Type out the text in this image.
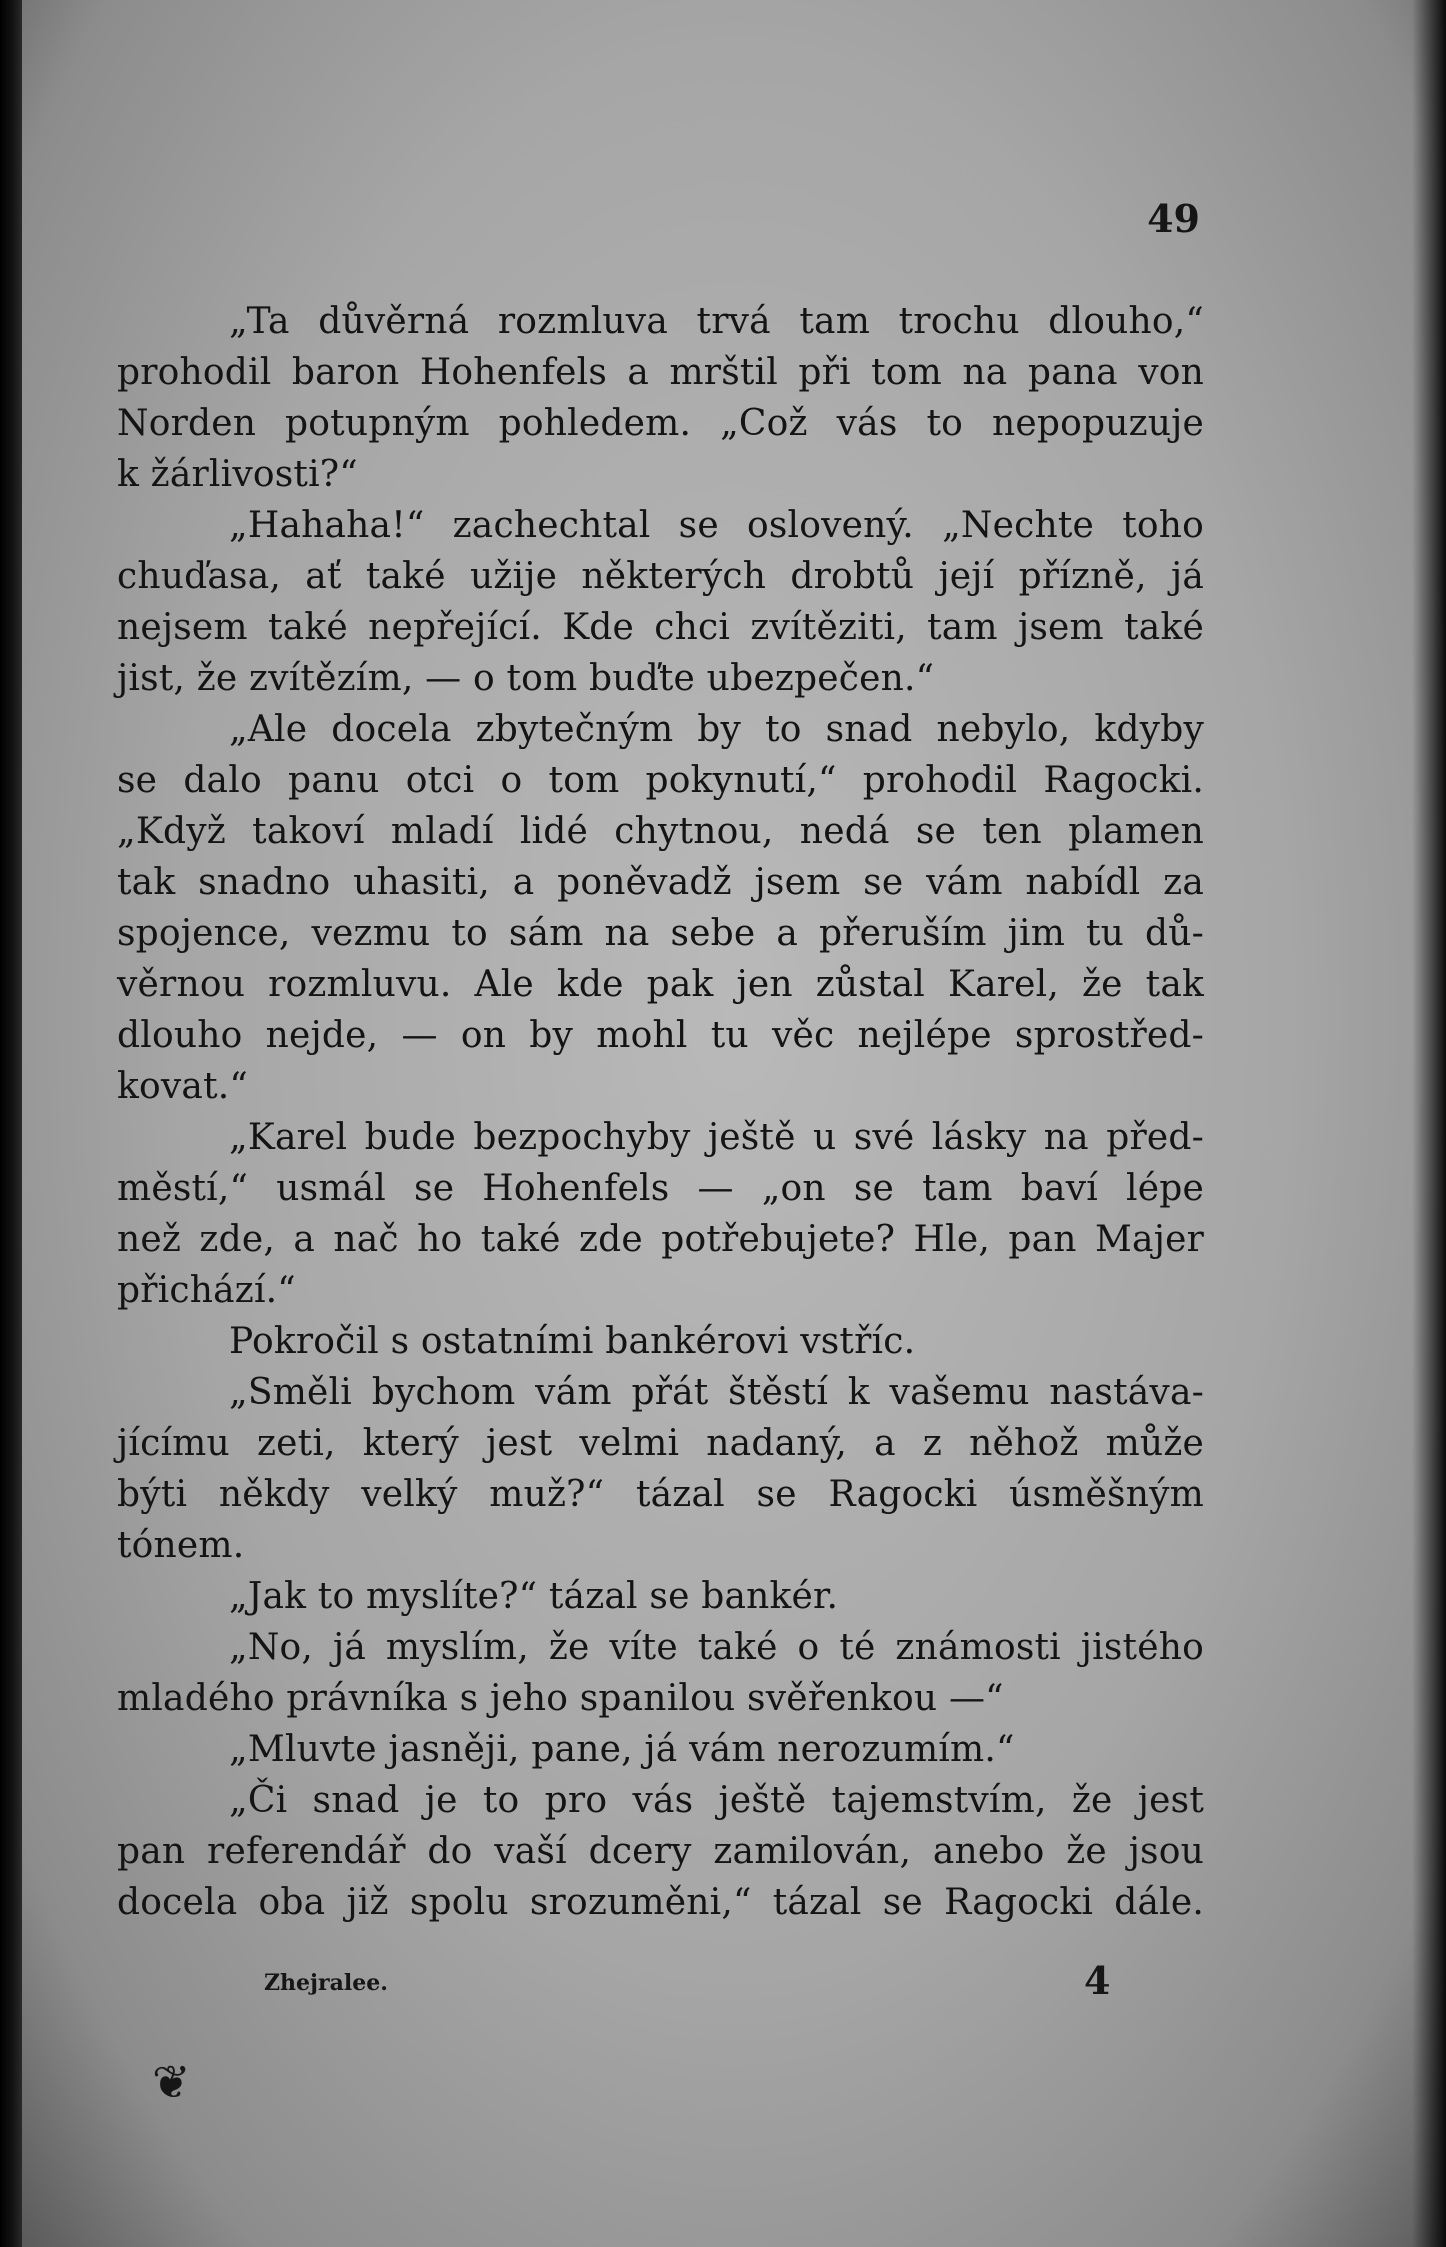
49
„Ta důvěrná rozmluva trvá tam trochu dlouho,“
prohodil baron Hohenfels a mrštil při tom na pana von
Norden potupným pohledem. „Což vás to nepopuzuje
k žárlivosti?“
„Hahaha!“ zachechtal se oslovený. „Nechte toho
chuďasa, ať také užije některých drobtů její přízně, já
nejsem také nepřející. Kde chci zvítěziti, tam jsem také
jist, že zvítězím, — o tom buďte ubezpečen.“
„Ale docela zbytečným by to snad nebylo, kdyby
se dalo panu otci o tom pokynutí,“ prohodil Ragocki.
„Když takoví mladí lidé chytnou, nedá se ten plamen
tak snadno uhasiti, a poněvadž jsem se vám nabídl za
spojence, vezmu to sám na sebe a přeruším jim tu dů-
věrnou rozmluvu. Ale kde pak jen zůstal Karel, že tak
dlouho nejde, — on by mohl tu věc nejlépe sprostřed-
kovat.“
„Karel bude bezpochyby ještě u své lásky na před-
městí,“ usmál se Hohenfels — „on se tam baví lépe
než zde, a nač ho také zde potřebujete? Hle, pan Majer
přichází.“
Pokročil s ostatními bankérovi vstříc.
„Směli bychom vám přát štěstí k vašemu nastáva-
jícímu zeti, který jest velmi nadaný, a z něhož může
býti někdy velký muž?“ tázal se Ragocki úsměšným
tónem.
„Jak to myslíte?“ tázal se bankér.
„No, já myslím, že víte také o té známosti jistého
mladého právníka s jeho spanilou svěřenkou —“
„Mluvte jasněji, pane, já vám nerozumím.“
„Či snad je to pro vás ještě tajemstvím, že jest
pan referendář do vaší dcery zamilován, anebo že jsou
docela oba již spolu srozuměni,“ tázal se Ragocki dále.
Zhejralee.	4
❦
